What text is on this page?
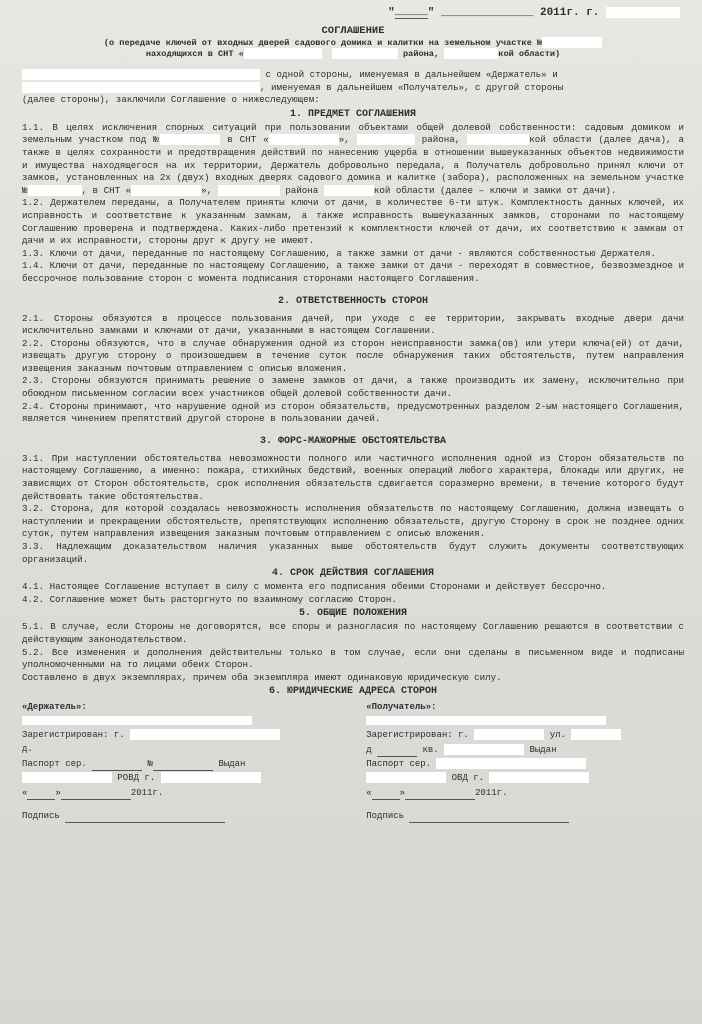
"_____" ______________ 2011г. г.
СОГЛАШЕНИЕ
(о передаче ключей от входных дверей садового домика и калитки на земельном участке №
находящихся в СНТ «	района,	кой области)

с одной стороны, именуемая в дальнейшем «Держатель» и
, именуемая в дальнейшем «Получатель», с другой стороны
(далее стороны), заключили Соглашение о нижеследующем:

1. ПРЕДМЕТ СОГЛАШЕНИЯ

1.1. В целях исключения спорных ситуаций при пользовании объектами общей долевой собственности: садовым домиком и земельным участком под №	в СНТ «	»,	района,	кой области (далее дача), а также в целях сохранности и предотвращения действий по нанесению ущерба в отношении вышеуказанных объектов недвижимости и имущества находящегося на их территории, Держатель добровольно передала, а Получатель добровольно принял ключи от замков, установленных на 2х (двух) входных дверях садового домика и калитке (забора), расположенных на земельном участке №	, в СНТ «	»,	района	кой области (далее – ключи и замки от дачи).

1.2. Держателем переданы, а Получателем приняты ключи от дачи, в количестве 6-ти штук. Комплектность данных ключей, их исправность и соответствие к указанным замкам, а также исправность вышеуказанных замков, сторонами по настоящему Соглашению проверена и подтверждена. Каких-либо претензий к комплектности ключей от дачи, их соответствию к замкам от дачи и их исправности, стороны друг к другу не имеют.

1.3. Ключи от дачи, переданные по настоящему Соглашению, а также замки от дачи - являются собственностью Держателя.

1.4. Ключи от дачи, переданные по настоящему Соглашению, а также замки от дачи - переходят в совместное, безвозмездное и бессрочное пользование сторон с момента подписания сторонами настоящего Соглашения.

2. ОТВЕТСТВЕННОСТЬ СТОРОН

2.1. Стороны обязуются в процессе пользования дачей, при уходе с ее территории, закрывать входные двери дачи исключительно замками и ключами от дачи, указанными в настоящем Соглашении.

2.2. Стороны обязуются, что в случае обнаружения одной из сторон неисправности замка(ов) или утери ключа(ей) от дачи, извещать другую сторону о произошедшем в течение суток после обнаружения таких обстоятельств, путем направления извещения заказным почтовым отправлением с описью вложения.

2.3. Стороны обязуются принимать решение о замене замков от дачи, а также производить их замену, исключительно при обоюдном письменном согласии всех участников общей долевой собственности дачи.

2.4. Стороны принимают, что нарушение одной из сторон обязательств, предусмотренных разделом 2-ым настоящего Соглашения, является чинением препятствий другой стороне в пользовании дачей.

3. ФОРС-МАЖОРНЫЕ ОБСТОЯТЕЛЬСТВА

3.1. При наступлении обстоятельства невозможности полного или частичного исполнения одной из Сторон обязательств по настоящему Соглашению, а именно: пожара, стихийных бедствий, военных операций любого характера, блокады или других, не зависящих от Сторон обстоятельств, срок исполнения обязательств сдвигается соразмерно времени, в течение которого будут действовать такие обстоятельства.

3.2. Сторона, для которой создалась невозможность исполнения обязательств по настоящему Соглашению, должна извещать о наступлении и прекращении обстоятельств, препятствующих исполнению обязательств, другую Сторону в срок не позднее одних суток, путем направления извещения заказным почтовым отправлением с описью вложения.

3.3. Надлежащим доказательством наличия указанных выше обстоятельств будут служить документы соответствующих организаций.

4. СРОК ДЕЙСТВИЯ СОГЛАШЕНИЯ

4.1. Настоящее Соглашение вступает в силу с момента его подписания обеими Сторонами и действует бессрочно.

4.2. Соглашение может быть расторгнуто по взаимному согласию Сторон.

5. ОБЩИЕ ПОЛОЖЕНИЯ

5.1. В случае, если Стороны не договорятся, все споры и разногласия по настоящему Соглашению решаются в соответствии с действующим законодательством.

5.2. Все изменения и дополнения действительны только в том случае, если они сделаны в письменном виде и подписаны уполномоченными на то лицами обеих Сторон.

Составлено в двух экземплярах, причем оба экземпляра имеют одинаковую юридическую силу.

6. ЮРИДИЧЕСКИЕ АДРЕСА СТОРОН
«Держатель»:
Зарегистрирован: г.
д.
Паспорт сер.	№	Выдан
РОВД г.
«	»	2011г.
Подпись
«Получатель»:
Зарегистрирован: г.	ул.
д	кв.	Выдан
Паспорт сер.
ОВД г.
«	»	2011г.
Подпись
